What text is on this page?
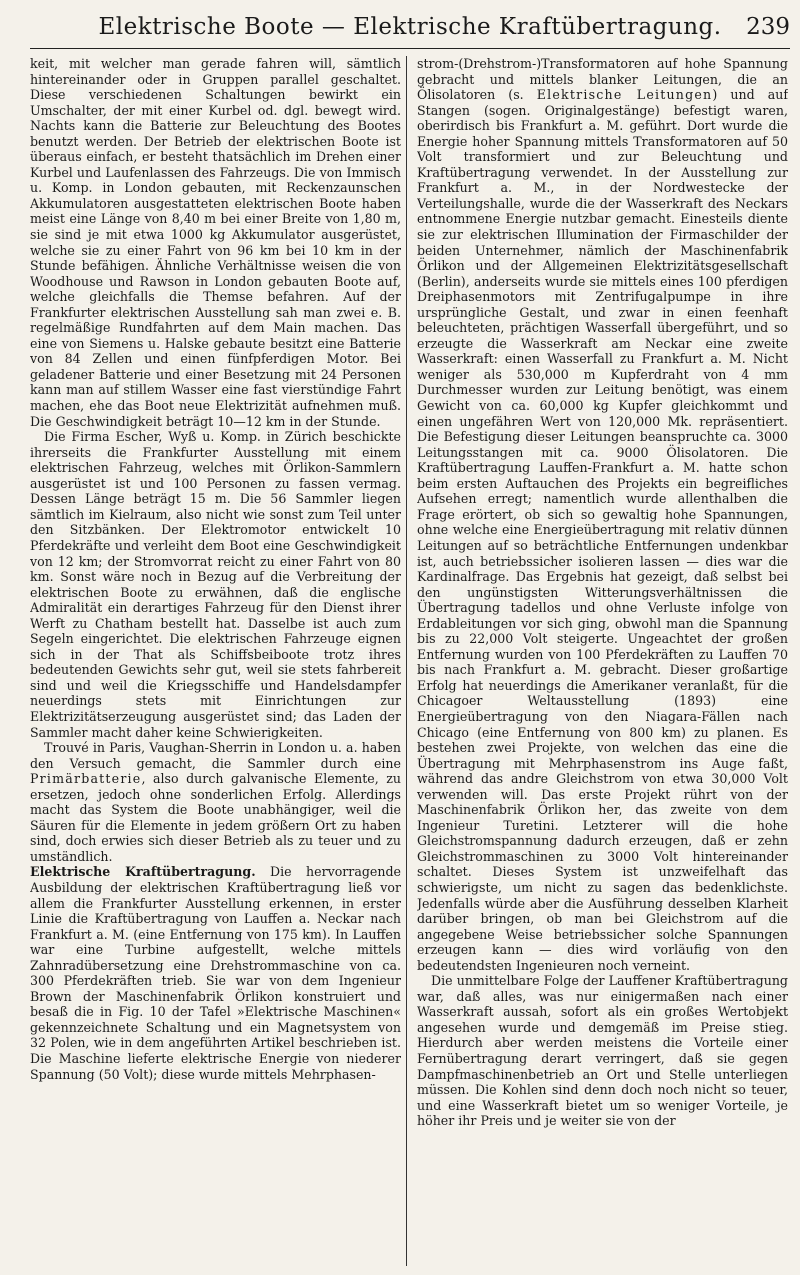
Elektrische Boote — Elektrische Kraftübertragung.	239

keit, mit welcher man gerade fahren will, sämtlich hintereinander oder in Gruppen parallel geschaltet. Diese verschiedenen Schaltungen bewirkt ein Umschalter, der mit einer Kurbel od. dgl. bewegt wird. Nachts kann die Batterie zur Beleuchtung des Bootes benutzt werden. Der Betrieb der elektrischen Boote ist überaus einfach, er besteht thatsächlich im Drehen einer Kurbel und Laufenlassen des Fahrzeugs. Die von Immisch u. Komp. in London gebauten, mit Reckenzaunschen Akkumulatoren ausgestatteten elektrischen Boote haben meist eine Länge von 8,40 m bei einer Breite von 1,80 m, sie sind je mit etwa 1000 kg Akkumulator ausgerüstet, welche sie zu einer Fahrt von 96 km bei 10 km in der Stunde befähigen. Ähnliche Verhältnisse weisen die von Woodhouse und Rawson in London gebauten Boote auf, welche gleichfalls die Themse befahren. Auf der Frankfurter elektrischen Ausstellung sah man zwei e. B. regelmäßige Rundfahrten auf dem Main machen. Das eine von Siemens u. Halske gebaute besitzt eine Batterie von 84 Zellen und einen fünfpferdigen Motor. Bei geladener Batterie und einer Besetzung mit 24 Personen kann man auf stillem Wasser eine fast vierstündige Fahrt machen, ehe das Boot neue Elektrizität aufnehmen muß. Die Geschwindigkeit beträgt 10—12 km in der Stunde.

Die Firma Escher, Wyß u. Komp. in Zürich beschickte ihrerseits die Frankfurter Ausstellung mit einem elektrischen Fahrzeug, welches mit Örlikon-Sammlern ausgerüstet ist und 100 Personen zu fassen vermag. Dessen Länge beträgt 15 m. Die 56 Sammler liegen sämtlich im Kielraum, also nicht wie sonst zum Teil unter den Sitzbänken. Der Elektromotor entwickelt 10 Pferdekräfte und verleiht dem Boot eine Geschwindigkeit von 12 km; der Stromvorrat reicht zu einer Fahrt von 80 km. Sonst wäre noch in Bezug auf die Verbreitung der elektrischen Boote zu erwähnen, daß die englische Admiralität ein derartiges Fahrzeug für den Dienst ihrer Werft zu Chatham bestellt hat. Dasselbe ist auch zum Segeln eingerichtet. Die elektrischen Fahrzeuge eignen sich in der That als Schiffsbeiboote trotz ihres bedeutenden Gewichts sehr gut, weil sie stets fahrbereit sind und weil die Kriegsschiffe und Handelsdampfer neuerdings stets mit Einrichtungen zur Elektrizitätserzeugung ausgerüstet sind; das Laden der Sammler macht daher keine Schwierigkeiten.

Trouvé in Paris, Vaughan-Sherrin in London u. a. haben den Versuch gemacht, die Sammler durch eine Primärbatterie, also durch galvanische Elemente, zu ersetzen, jedoch ohne sonderlichen Erfolg. Allerdings macht das System die Boote unabhängiger, weil die Säuren für die Elemente in jedem größern Ort zu haben sind, doch erwies sich dieser Betrieb als zu teuer und zu umständlich.

Elektrische Kraftübertragung. Die hervorragende Ausbildung der elektrischen Kraftübertragung ließ vor allem die Frankfurter Ausstellung erkennen, in erster Linie die Kraftübertragung von Lauffen a. Neckar nach Frankfurt a. M. (eine Entfernung von 175 km). In Lauffen war eine Turbine aufgestellt, welche mittels Zahnradübersetzung eine Drehstrommaschine von ca. 300 Pferdekräften trieb. Sie war von dem Ingenieur Brown der Maschinenfabrik Örlikon konstruiert und besaß die in Fig. 10 der Tafel »Elektrische Maschinen« gekennzeichnete Schaltung und ein Magnetsystem von 32 Polen, wie in dem angeführten Artikel beschrieben ist. Die Maschine lieferte elektrische Energie von niederer Spannung (50 Volt); diese wurde mittels Mehrphasen-

strom-(Drehstrom-)Transformatoren auf hohe Spannung gebracht und mittels blanker Leitungen, die an Ölisolatoren (s. Elektrische Leitungen) und auf Stangen (sogen. Originalgestänge) befestigt waren, oberirdisch bis Frankfurt a. M. geführt. Dort wurde die Energie hoher Spannung mittels Transformatoren auf 50 Volt transformiert und zur Beleuchtung und Kraftübertragung verwendet. In der Ausstellung zur Frankfurt a. M., in der Nordwestecke der Verteilungshalle, wurde die der Wasserkraft des Neckars entnommene Energie nutzbar gemacht. Einesteils diente sie zur elektrischen Illumination der Firmaschilder der beiden Unternehmer, nämlich der Maschinenfabrik Örlikon und der Allgemeinen Elektrizitätsgesellschaft (Berlin), anderseits wurde sie mittels eines 100 pferdigen Dreiphasenmotors mit Zentrifugalpumpe in ihre ursprüngliche Gestalt, und zwar in einen feenhaft beleuchteten, prächtigen Wasserfall übergeführt, und so erzeugte die Wasserkraft am Neckar eine zweite Wasserkraft: einen Wasserfall zu Frankfurt a. M. Nicht weniger als 530,000 m Kupferdraht von 4 mm Durchmesser wurden zur Leitung benötigt, was einem Gewicht von ca. 60,000 kg Kupfer gleichkommt und einen ungefähren Wert von 120,000 Mk. repräsentiert. Die Befestigung dieser Leitungen beanspruchte ca. 3000 Leitungsstangen mit ca. 9000 Ölisolatoren. Die Kraftübertragung Lauffen-Frankfurt a. M. hatte schon beim ersten Auftauchen des Projekts ein begreifliches Aufsehen erregt; namentlich wurde allenthalben die Frage erörtert, ob sich so gewaltig hohe Spannungen, ohne welche eine Energieübertragung mit relativ dünnen Leitungen auf so beträchtliche Entfernungen undenkbar ist, auch betriebssicher isolieren lassen — dies war die Kardinalfrage. Das Ergebnis hat gezeigt, daß selbst bei den ungünstigsten Witterungsverhältnissen die Übertragung tadellos und ohne Verluste infolge von Erdableitungen vor sich ging, obwohl man die Spannung bis zu 22,000 Volt steigerte. Ungeachtet der großen Entfernung wurden von 100 Pferdekräften zu Lauffen 70 bis nach Frankfurt a. M. gebracht. Dieser großartige Erfolg hat neuerdings die Amerikaner veranlaßt, für die Chicagoer Weltausstellung (1893) eine Energieübertragung von den Niagara-Fällen nach Chicago (eine Entfernung von 800 km) zu planen. Es bestehen zwei Projekte, von welchen das eine die Übertragung mit Mehrphasenstrom ins Auge faßt, während das andre Gleichstrom von etwa 30,000 Volt verwenden will. Das erste Projekt rührt von der Maschinenfabrik Örlikon her, das zweite von dem Ingenieur Turetini. Letzterer will die hohe Gleichstromspannung dadurch erzeugen, daß er zehn Gleichstrommaschinen zu 3000 Volt hintereinander schaltet. Dieses System ist unzweifelhaft das schwierigste, um nicht zu sagen das bedenklichste. Jedenfalls würde aber die Ausführung desselben Klarheit darüber bringen, ob man bei Gleichstrom auf die angegebene Weise betriebssicher solche Spannungen erzeugen kann — dies wird vorläufig von den bedeutendsten Ingenieuren noch verneint.

Die unmittelbare Folge der Lauffener Kraftübertragung war, daß alles, was nur einigermaßen nach einer Wasserkraft aussah, sofort als ein großes Wertobjekt angesehen wurde und demgemäß im Preise stieg. Hierdurch aber werden meistens die Vorteile einer Fernübertragung derart verringert, daß sie gegen Dampfmaschinenbetrieb an Ort und Stelle unterliegen müssen. Die Kohlen sind denn doch noch nicht so teuer, und eine Wasserkraft bietet um so weniger Vorteile, je höher ihr Preis und je weiter sie von der
